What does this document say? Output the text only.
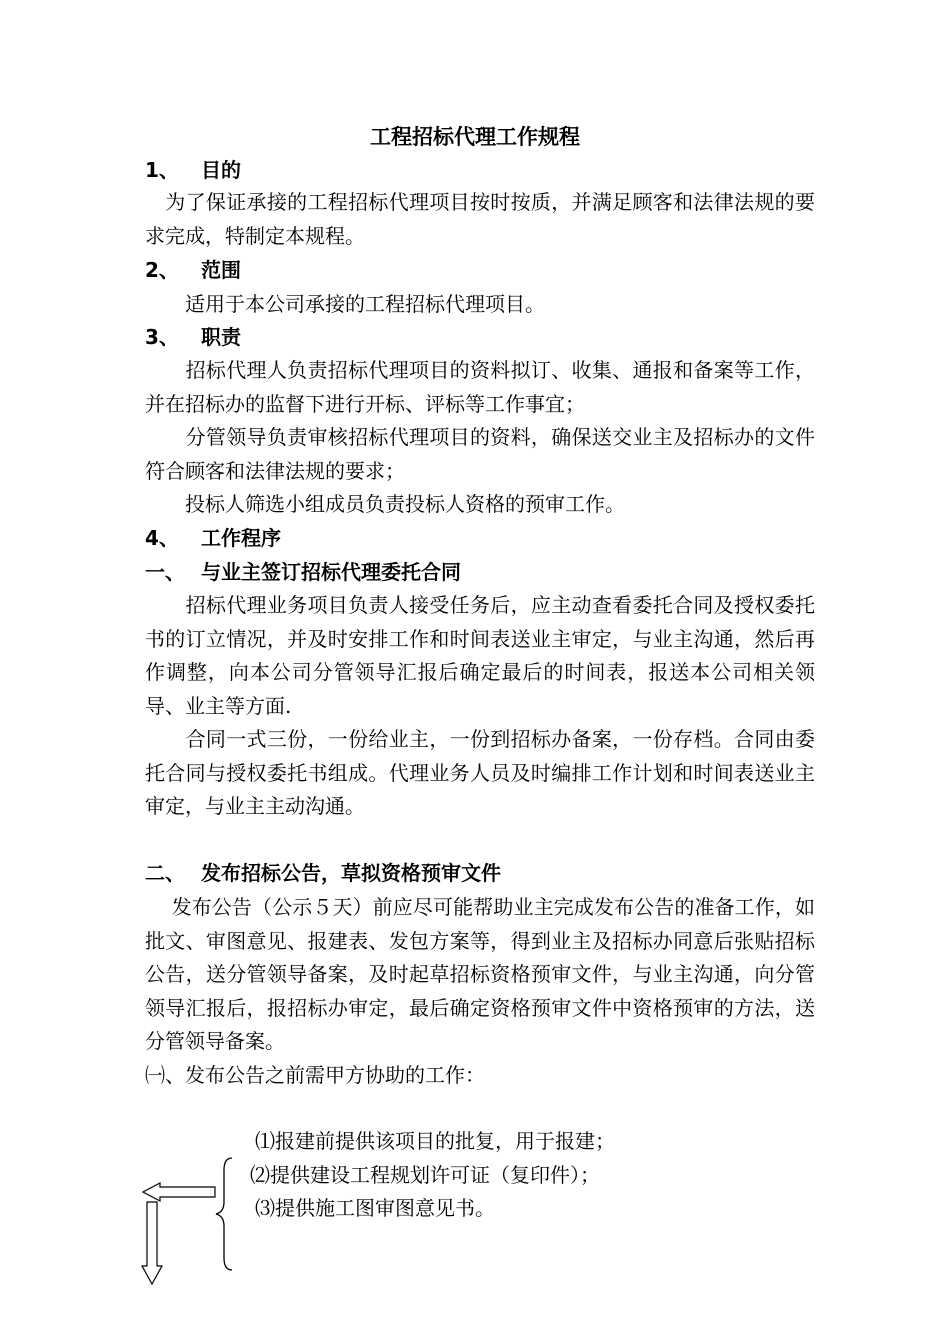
工程招标代理工作规程
1、 目的
　为了保证承接的工程招标代理项目按时按质，并满足顾客和法律法规的要求完成，特制定本规程。
2、 范围
　　适用于本公司承接的工程招标代理项目。
3、 职责
　　招标代理人负责招标代理项目的资料拟订、收集、通报和备案等工作，并在招标办的监督下进行开标、评标等工作事宜；
　　分管领导负责审核招标代理项目的资料，确保送交业主及招标办的文件符合顾客和法律法规的要求；
　　投标人筛选小组成员负责投标人资格的预审工作。
4、 工作程序
一、 与业主签订招标代理委托合同
　　招标代理业务项目负责人接受任务后，应主动查看委托合同及授权委托书的订立情况，并及时安排工作和时间表送业主审定，与业主沟通，然后再作调整，向本公司分管领导汇报后确定最后的时间表，报送本公司相关领导、业主等方面.
　　合同一式三份，一份给业主，一份到招标办备案，一份存档。合同由委托合同与授权委托书组成。代理业务人员及时编排工作计划和时间表送业主审定，与业主主动沟通。
二、 发布招标公告，草拟资格预审文件
　 发布公告（公示５天）前应尽可能帮助业主完成发布公告的准备工作，如批文、审图意见、报建表、发包方案等，得到业主及招标办同意后张贴招标公告，送分管领导备案，及时起草招标资格预审文件，与业主沟通，向分管领导汇报后，报招标办审定，最后确定资格预审文件中资格预审的方法，送分管领导备案。
㈠、发布公告之前需甲方协助的工作：
⑴报建前提供该项目的批复，用于报建；
⑵提供建设工程规划许可证（复印件）；
⑶提供施工图审图意见书。
